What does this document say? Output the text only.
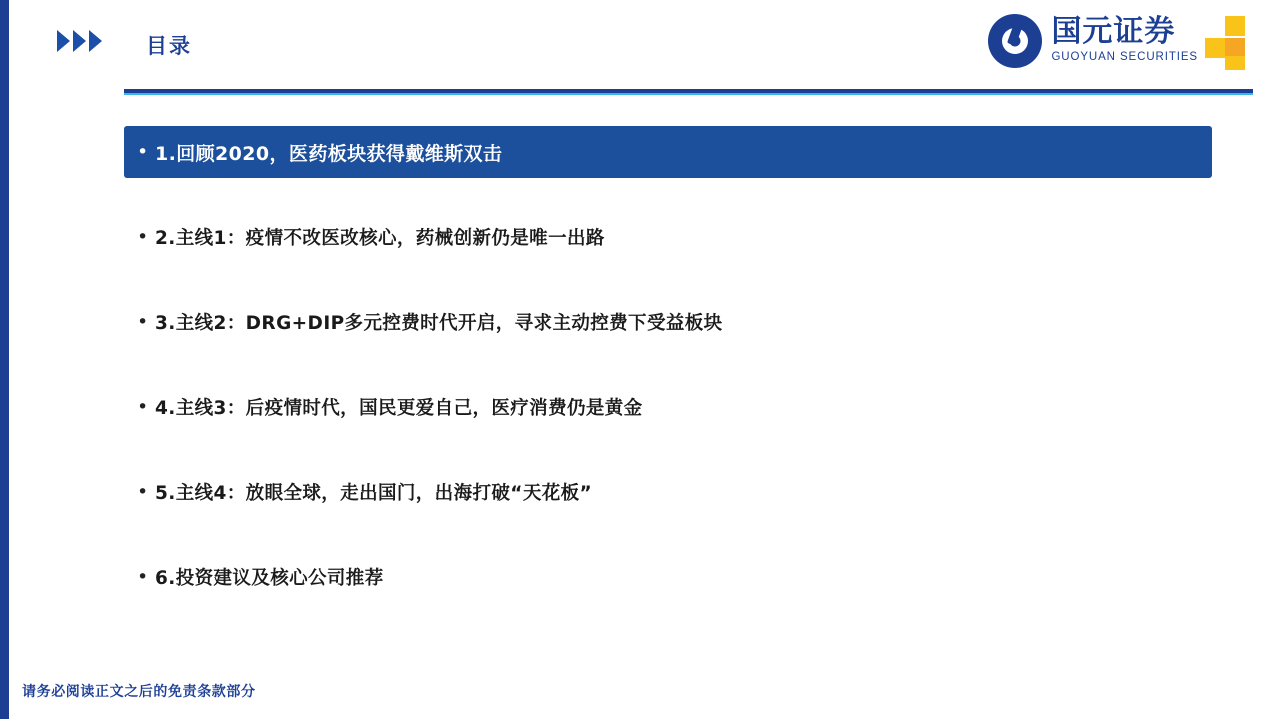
目录	国元证券
GUOYUAN SECURITIES
• 1.回顾2020，医药板块获得戴维斯双击
• 2.主线1：疫情不改医改核心，药械创新仍是唯一出路
• 3.主线2：DRG+DIP多元控费时代开启，寻求主动控费下受益板块
• 4.主线3：后疫情时代，国民更爱自己，医疗消费仍是黄金
• 5.主线4：放眼全球，走出国门，出海打破“天花板”
• 6.投资建议及核心公司推荐
请务必阅读正文之后的免责条款部分
